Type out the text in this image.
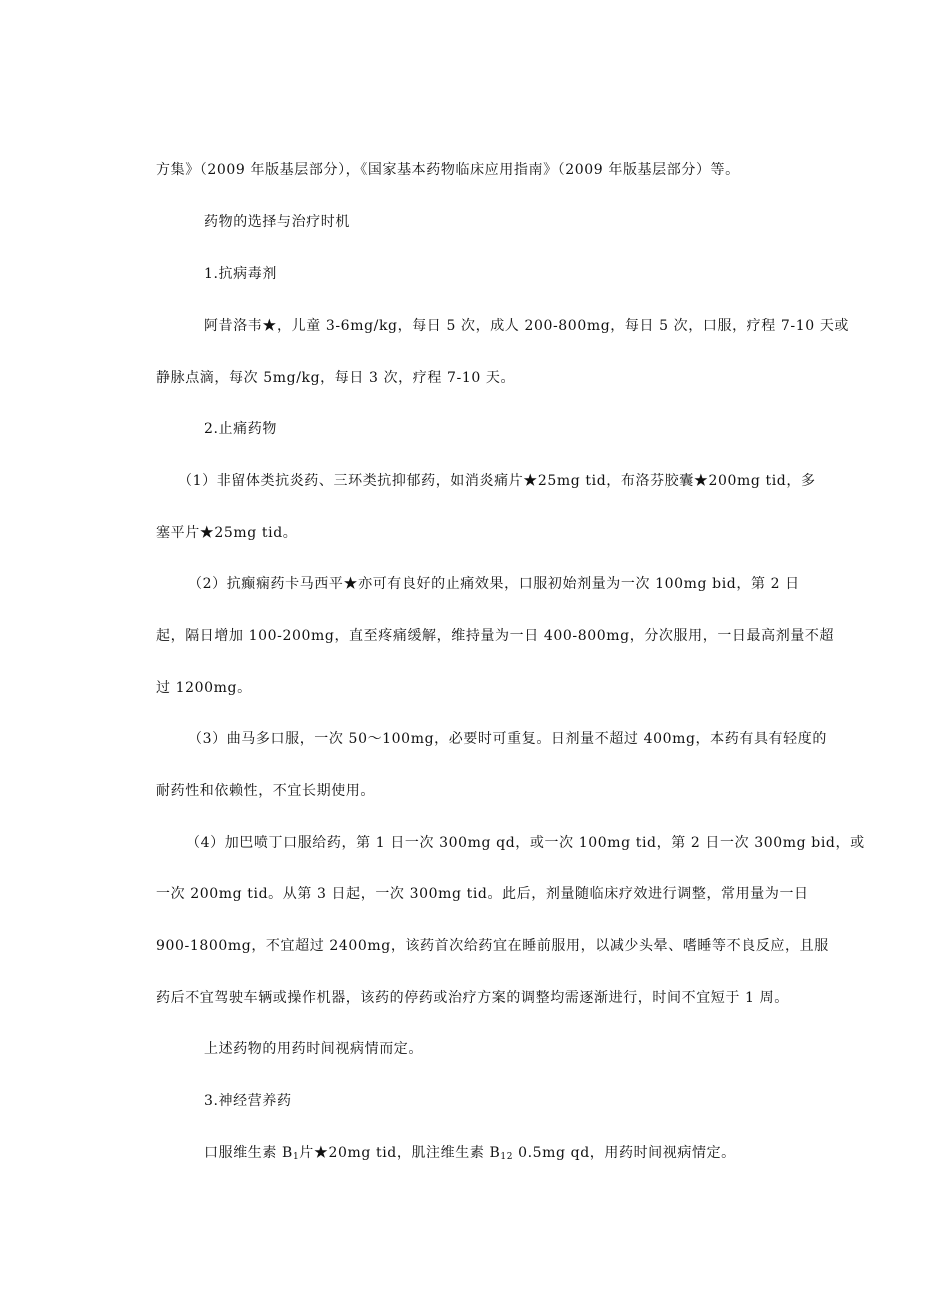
方集》（2009 年版基层部分），《国家基本药物临床应用指南》（2009 年版基层部分）等。
药物的选择与治疗时机
1.抗病毒剂
阿昔洛韦★，儿童 3-6mg/kg，每日 5 次，成人 200-800mg，每日 5 次，口服，疗程 7-10 天或
静脉点滴，每次 5mg/kg，每日 3 次，疗程 7-10 天。
2.止痛药物
（1）非留体类抗炎药、三环类抗抑郁药，如消炎痛片★25mg tid，布洛芬胶囊★200mg tid，多
塞平片★25mg tid。
（2）抗癫痫药卡马西平★亦可有良好的止痛效果，口服初始剂量为一次 100mg bid，第 2 日
起，隔日增加 100-200mg，直至疼痛缓解，维持量为一日 400-800mg，分次服用，一日最高剂量不超
过 1200mg。
（3）曲马多口服，一次 50～100mg，必要时可重复。日剂量不超过 400mg，本药有具有轻度的
耐药性和依赖性，不宜长期使用。
（4）加巴喷丁口服给药，第 1 日一次 300mg qd，或一次 100mg tid，第 2 日一次 300mg bid，或
一次 200mg tid。从第 3 日起，一次 300mg tid。此后，剂量随临床疗效进行调整，常用量为一日
900-1800mg，不宜超过 2400mg，该药首次给药宜在睡前服用，以减少头晕、嗜睡等不良反应，且服
药后不宜驾驶车辆或操作机器，该药的停药或治疗方案的调整均需逐渐进行，时间不宜短于 1 周。
上述药物的用药时间视病情而定。
3.神经营养药
口服维生素 $B_1$片★20mg tid，肌注维生素 $B_{12}$ 0.5mg qd，用药时间视病情定。
